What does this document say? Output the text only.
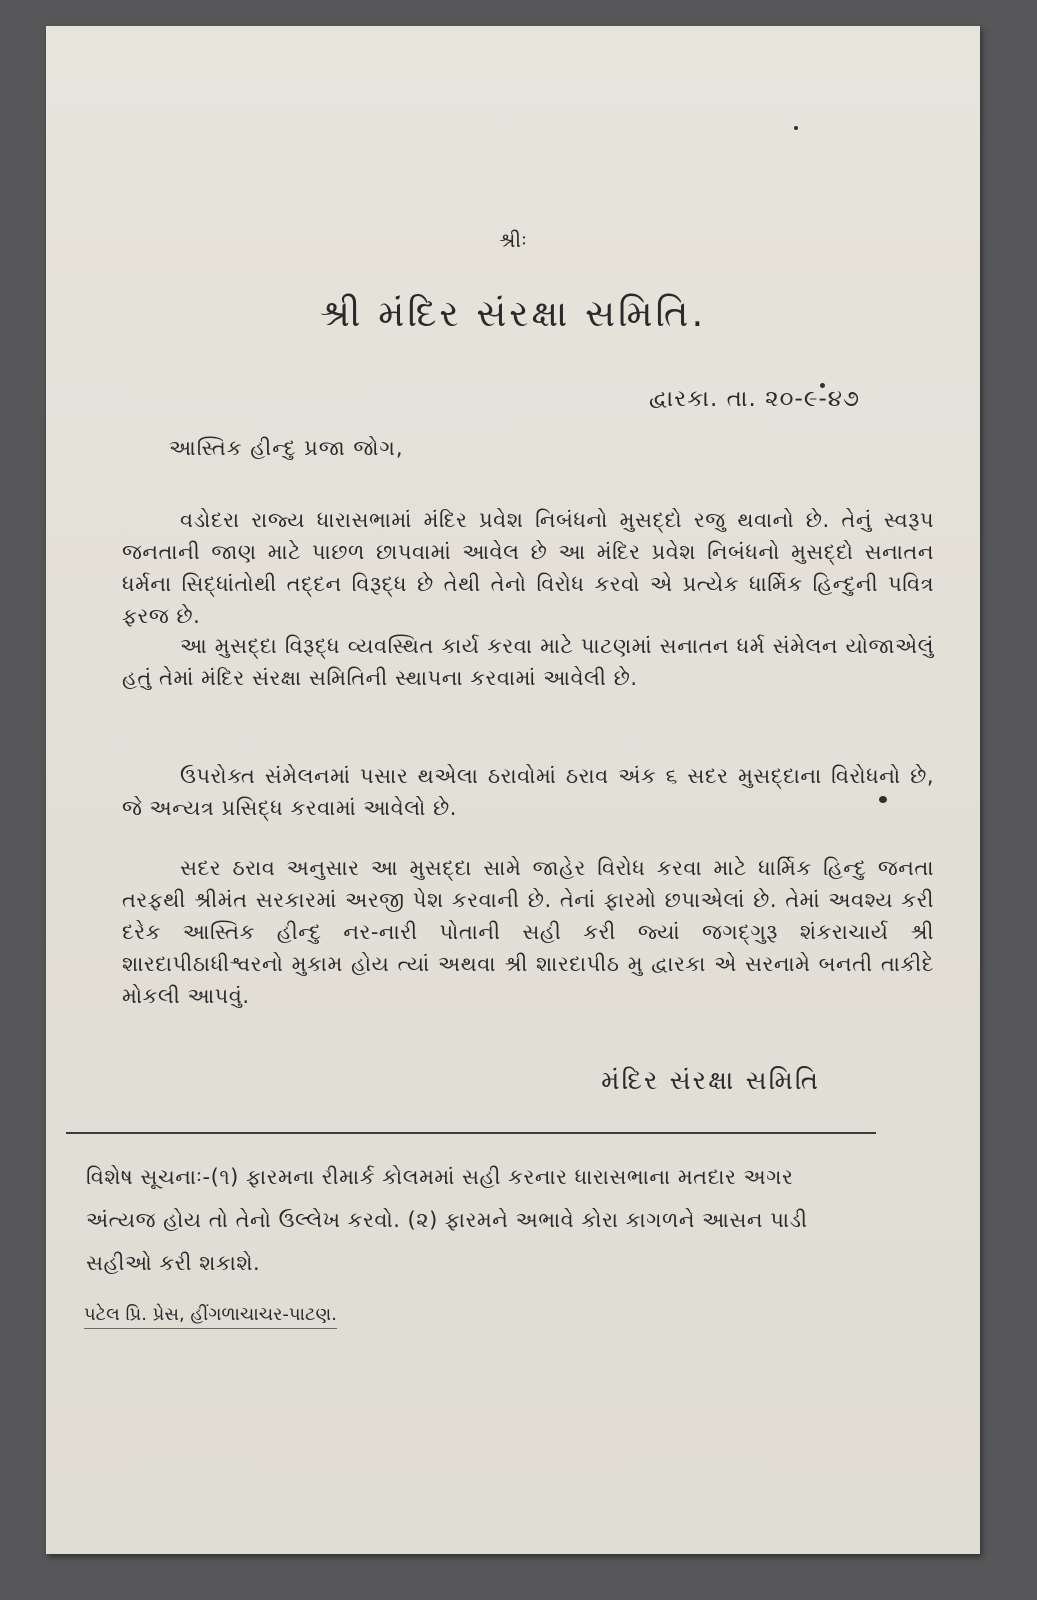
શ્રીઃ

શ્રી મંદિર સંરક્ષા સમિતિ.

દ્વારકા. તા. ૨૦-૯-૪૭

આસ્તિક હીન્દુ પ્રજા જોગ,

વડોદરા રાજ્ય ધારાસભામાં મંદિર પ્રવેશ નિબંધનો મુસદ્દો રજુ થવાનો છે. તેનું સ્વરૂપ જનતાની જાણ માટે પાછળ છાપવામાં આવેલ છે આ મંદિર પ્રવેશ નિબંધનો મુસદ્દો સનાતન ધર્મના સિદ્ધાંતોથી તદ્દન વિરૂદ્ધ છે તેથી તેનો વિરોધ કરવો એ પ્રત્યેક ધાર્મિક હિન્દુની પવિત્ર ફરજ છે.

આ મુસદ્દા વિરૂદ્ધ વ્યવસ્થિત કાર્ય કરવા માટે પાટણમાં સનાતન ધર્મ સંમેલન યોજાએલું હતું તેમાં મંદિર સંરક્ષા સમિતિની સ્થાપના કરવામાં આવેલી છે.

ઉપરોક્ત સંમેલનમાં પસાર થએલા ઠરાવોમાં ઠરાવ અંક ૬ સદર મુસદ્દાના વિરોધનો છે, જે અન્યત્ર પ્રસિદ્ધ કરવામાં આવેલો છે.

સદર ઠરાવ અનુસાર આ મુસદ્દા સામે જાહેર વિરોધ કરવા માટે ધાર્મિક હિન્દુ જનતા તરફથી શ્રીમંત સરકારમાં અરજી પેશ કરવાની છે. તેનાં ફારમો છપાએલાં છે. તેમાં અવશ્ય કરી દરેક આસ્તિક હીન્દુ નર-નારી પોતાની સહી કરી જ્યાં જગદ્‌ગુરૂ શંકરાચાર્ય શ્રી શારદાપીઠાધીશ્વરનો મુકામ હોય ત્યાં અથવા શ્રી શારદાપીઠ મુ દ્વારકા એ સરનામે બનતી તાકીદે મોકલી આપવું.

મંદિર સંરક્ષા સમિતિ

વિશેષ સૂચનાઃ-(૧) ફારમના રીમાર્ક કોલમમાં સહી કરનાર ધારાસભાના મતદાર અગર અંત્યજ હોય તો તેનો ઉલ્લેખ કરવો. (૨) ફારમને અભાવે કોરા કાગળને આસન પાડી સહીઓ કરી શકાશે.

પટેલ પ્રિ. પ્રેસ, હીંગળાચાચર-પાટણ.
